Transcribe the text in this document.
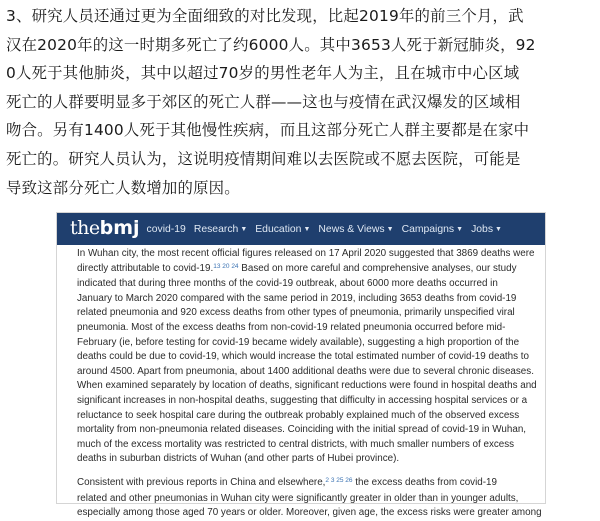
3、研究人员还通过更为全面细致的对比发现，比起2019年的前三个月，武
汉在2020年的这一时期多死亡了约6000人。其中3653人死于新冠肺炎，92
0人死于其他肺炎，其中以超过70岁的男性老年人为主，且在城市中心区域
死亡的人群要明显多于郊区的死亡人群——这也与疫情在武汉爆发的区域相
吻合。另有1400人死于其他慢性疾病，而且这部分死亡人群主要都是在家中
死亡的。研究人员认为，这说明疫情期间难以去医院或不愿去医院，可能是
导致这部分死亡人数增加的原因。
thebmj covid-19 Research ▼ Education ▼ News & Views ▼ Campaigns ▼ Jobs ▼
In Wuhan city, the most recent official figures released on 17 April 2020 suggested that 3869 deaths were
directly attributable to covid-19.$^{13 20 24}$ Based on more careful and comprehensive analyses, our study
indicated that during three months of the covid-19 outbreak, about 6000 more deaths occurred in
January to March 2020 compared with the same period in 2019, including 3653 deaths from covid-19
related pneumonia and 920 excess deaths from other types of pneumonia, primarily unspecified viral
pneumonia. Most of the excess deaths from non-covid-19 related pneumonia occurred before mid-
February (ie, before testing for covid-19 became widely available), suggesting a high proportion of the
deaths could be due to covid-19, which would increase the total estimated number of covid-19 deaths to
around 4500. Apart from pneumonia, about 1400 additional deaths were due to several chronic diseases.
When examined separately by location of deaths, significant reductions were found in hospital deaths and
significant increases in non-hospital deaths, suggesting that difficulty in accessing hospital services or a
reluctance to seek hospital care during the outbreak probably explained much of the observed excess
mortality from non-pneumonia related diseases. Coinciding with the initial spread of covid-19 in Wuhan,
much of the excess mortality was restricted to central districts, with much smaller numbers of excess
deaths in suburban districts of Wuhan (and other parts of Hubei province).
Consistent with previous reports in China and elsewhere,$^{2 3 25 26}$ the excess deaths from covid-19
related and other pneumonias in Wuhan city were significantly greater in older than in younger adults,
especially among those aged 70 years or older. Moreover, given age, the excess risks were greater among
